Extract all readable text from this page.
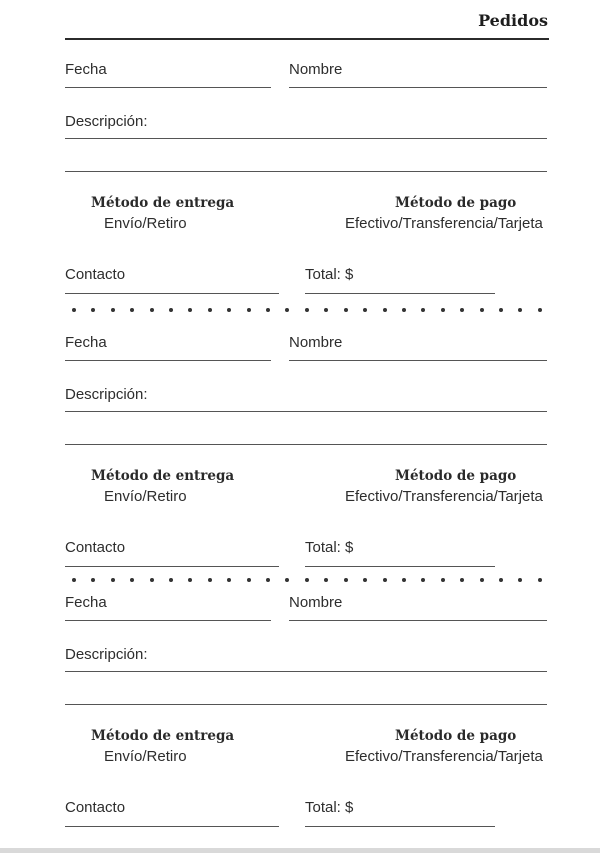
Pedidos
Fecha	Nombre
Descripción:
Método de entrega
Envío/Retiro
Método de pago
Efectivo/Transferencia/Tarjeta
Contacto	Total: $
Fecha	Nombre
Descripción:
Método de entrega
Envío/Retiro
Método de pago
Efectivo/Transferencia/Tarjeta
Contacto	Total: $
Fecha	Nombre
Descripción:
Método de entrega
Envío/Retiro
Método de pago
Efectivo/Transferencia/Tarjeta
Contacto	Total: $
